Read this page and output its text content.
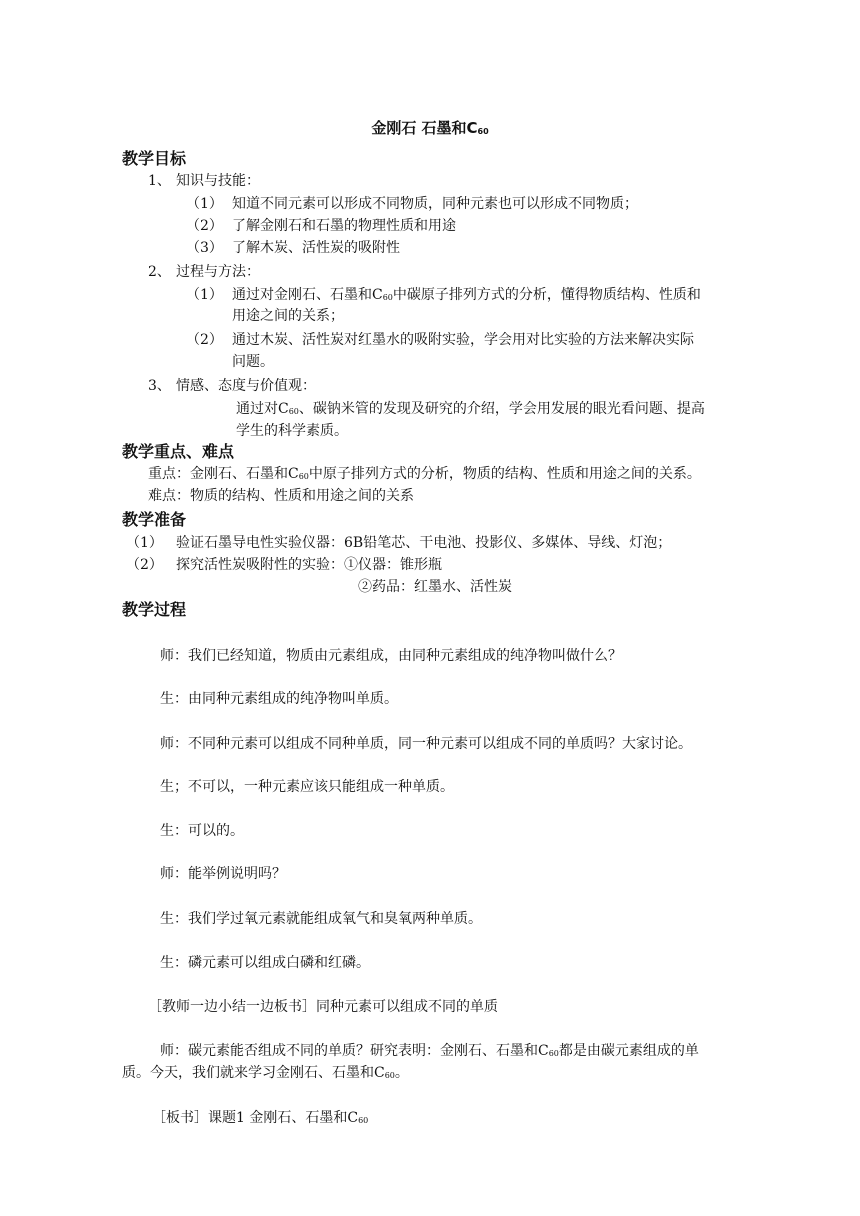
金刚石 石墨和$C_{60}$
教学目标
1、 知识与技能：
（1） 知道不同元素可以形成不同物质，同种元素也可以形成不同物质；
（2） 了解金刚石和石墨的物理性质和用途
（3） 了解木炭、活性炭的吸附性
2、 过程与方法：
（1） 通过对金刚石、石墨和$C_{60}$中碳原子排列方式的分析，懂得物质结构、性质和
用途之间的关系；
（2） 通过木炭、活性炭对红墨水的吸附实验，学会用对比实验的方法来解决实际
问题。
3、 情感、态度与价值观：
通过对$C_{60}$、碳钠米管的发现及研究的介绍，学会用发展的眼光看问题、提高
学生的科学素质。
教学重点、难点
重点：金刚石、石墨和$C_{60}$中原子排列方式的分析，物质的结构、性质和用途之间的关系。
难点：物质的结构、性质和用途之间的关系
教学准备
（1） 验证石墨导电性实验仪器：6B铅笔芯、干电池、投影仪、多媒体、导线、灯泡；
（2） 探究活性炭吸附性的实验：①仪器：锥形瓶
②药品：红墨水、活性炭
教学过程
师：我们已经知道，物质由元素组成，由同种元素组成的纯净物叫做什么？
生：由同种元素组成的纯净物叫单质。
师：不同种元素可以组成不同种单质，同一种元素可以组成不同的单质吗？大家讨论。
生；不可以，一种元素应该只能组成一种单质。
生：可以的。
师：能举例说明吗？
生：我们学过氧元素就能组成氧气和臭氧两种单质。
生：磷元素可以组成白磷和红磷。
［教师一边小结一边板书］同种元素可以组成不同的单质
师：碳元素能否组成不同的单质？研究表明：金刚石、石墨和$C_{60}$都是由碳元素组成的单
质。今天，我们就来学习金刚石、石墨和$C_{60}$。
［板书］课题1 金刚石、石墨和$C_{60}$
